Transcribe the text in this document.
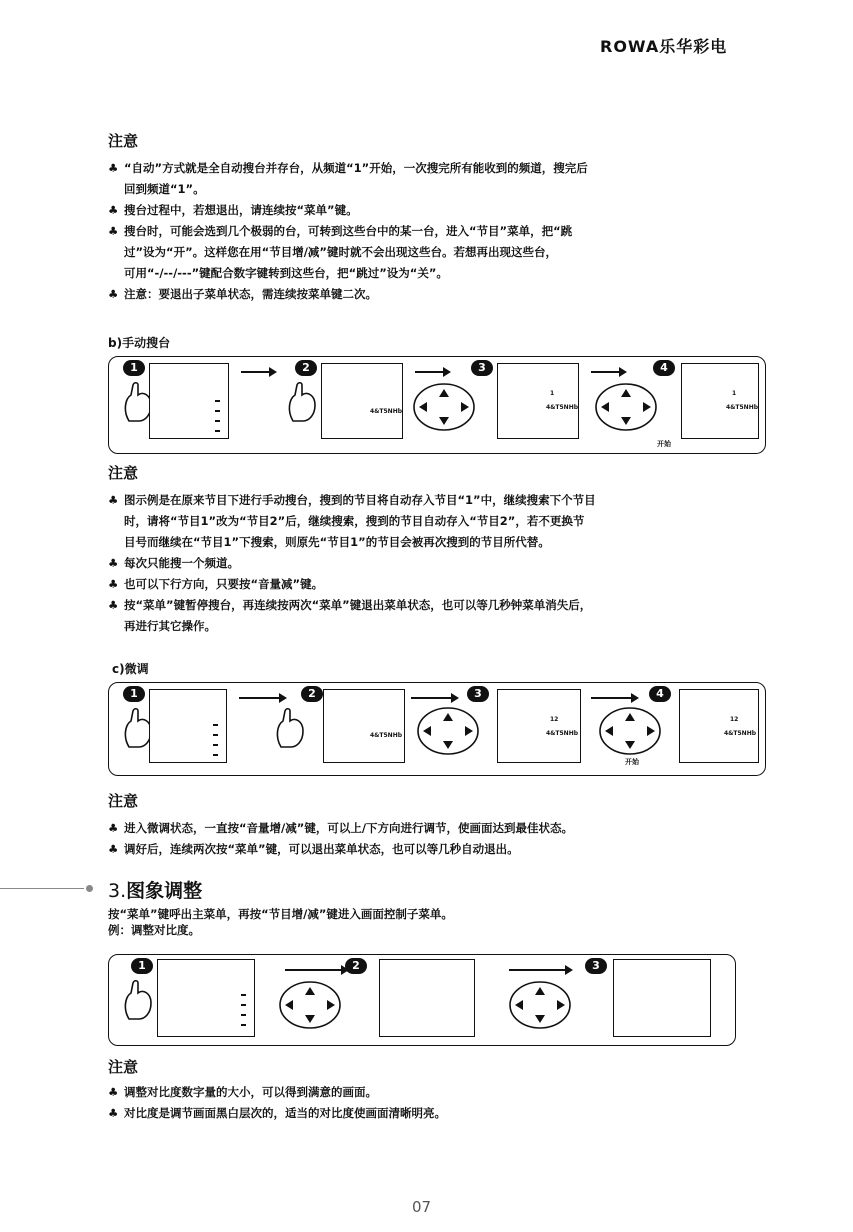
ROWA乐华彩电
注意
♣ “自动”方式就是全自动搜台并存台，从频道“1”开始，一次搜完所有能收到的频道，搜完后
回到频道“1”。
♣ 搜台过程中，若想退出，请连续按“菜单”键。
♣ 搜台时，可能会选到几个极弱的台，可转到这些台中的某一台，进入“节目”菜单，把“跳
过”设为“开”。这样您在用“节目增/减”键时就不会出现这些台。若想再出现这些台，
可用“-/--/---”键配合数字键转到这些台，把“跳过”设为“关”。
♣ 注意：要退出子菜单状态，需连续按菜单键二次。
b)手动搜台
1	2
4&T5NHb
3
1
4&T5NHb
4
1
4&T5NHb
开始
注意
♣ 图示例是在原来节目下进行手动搜台，搜到的节目将自动存入节目“1”中，继续搜索下个节目
时，请将“节目1”改为“节目2”后，继续搜索，搜到的节目自动存入“节目2”，若不更换节
目号而继续在“节目1”下搜索，则原先“节目1”的节目会被再次搜到的节目所代替。
♣ 每次只能搜一个频道。
♣ 也可以下行方向，只要按“音量减”键。
♣ 按“菜单”键暂停搜台，再连续按两次“菜单”键退出菜单状态，也可以等几秒钟菜单消失后，
再进行其它操作。
c)微调
1	2
4&T5NHb
3
12
4&T5NHb
4
12
4&T5NHb
开始
注意
♣ 进入微调状态，一直按“音量增/减”键，可以上/下方向进行调节，使画面达到最佳状态。
♣ 调好后，连续两次按“菜单”键，可以退出菜单状态，也可以等几秒自动退出。
3.图象调整
按“菜单”键呼出主菜单，再按“节目增/减”键进入画面控制子菜单。
例：调整对比度。
1	2	3
注意
♣ 调整对比度数字量的大小，可以得到满意的画面。
♣ 对比度是调节画面黑白层次的，适当的对比度使画面清晰明亮。
07
